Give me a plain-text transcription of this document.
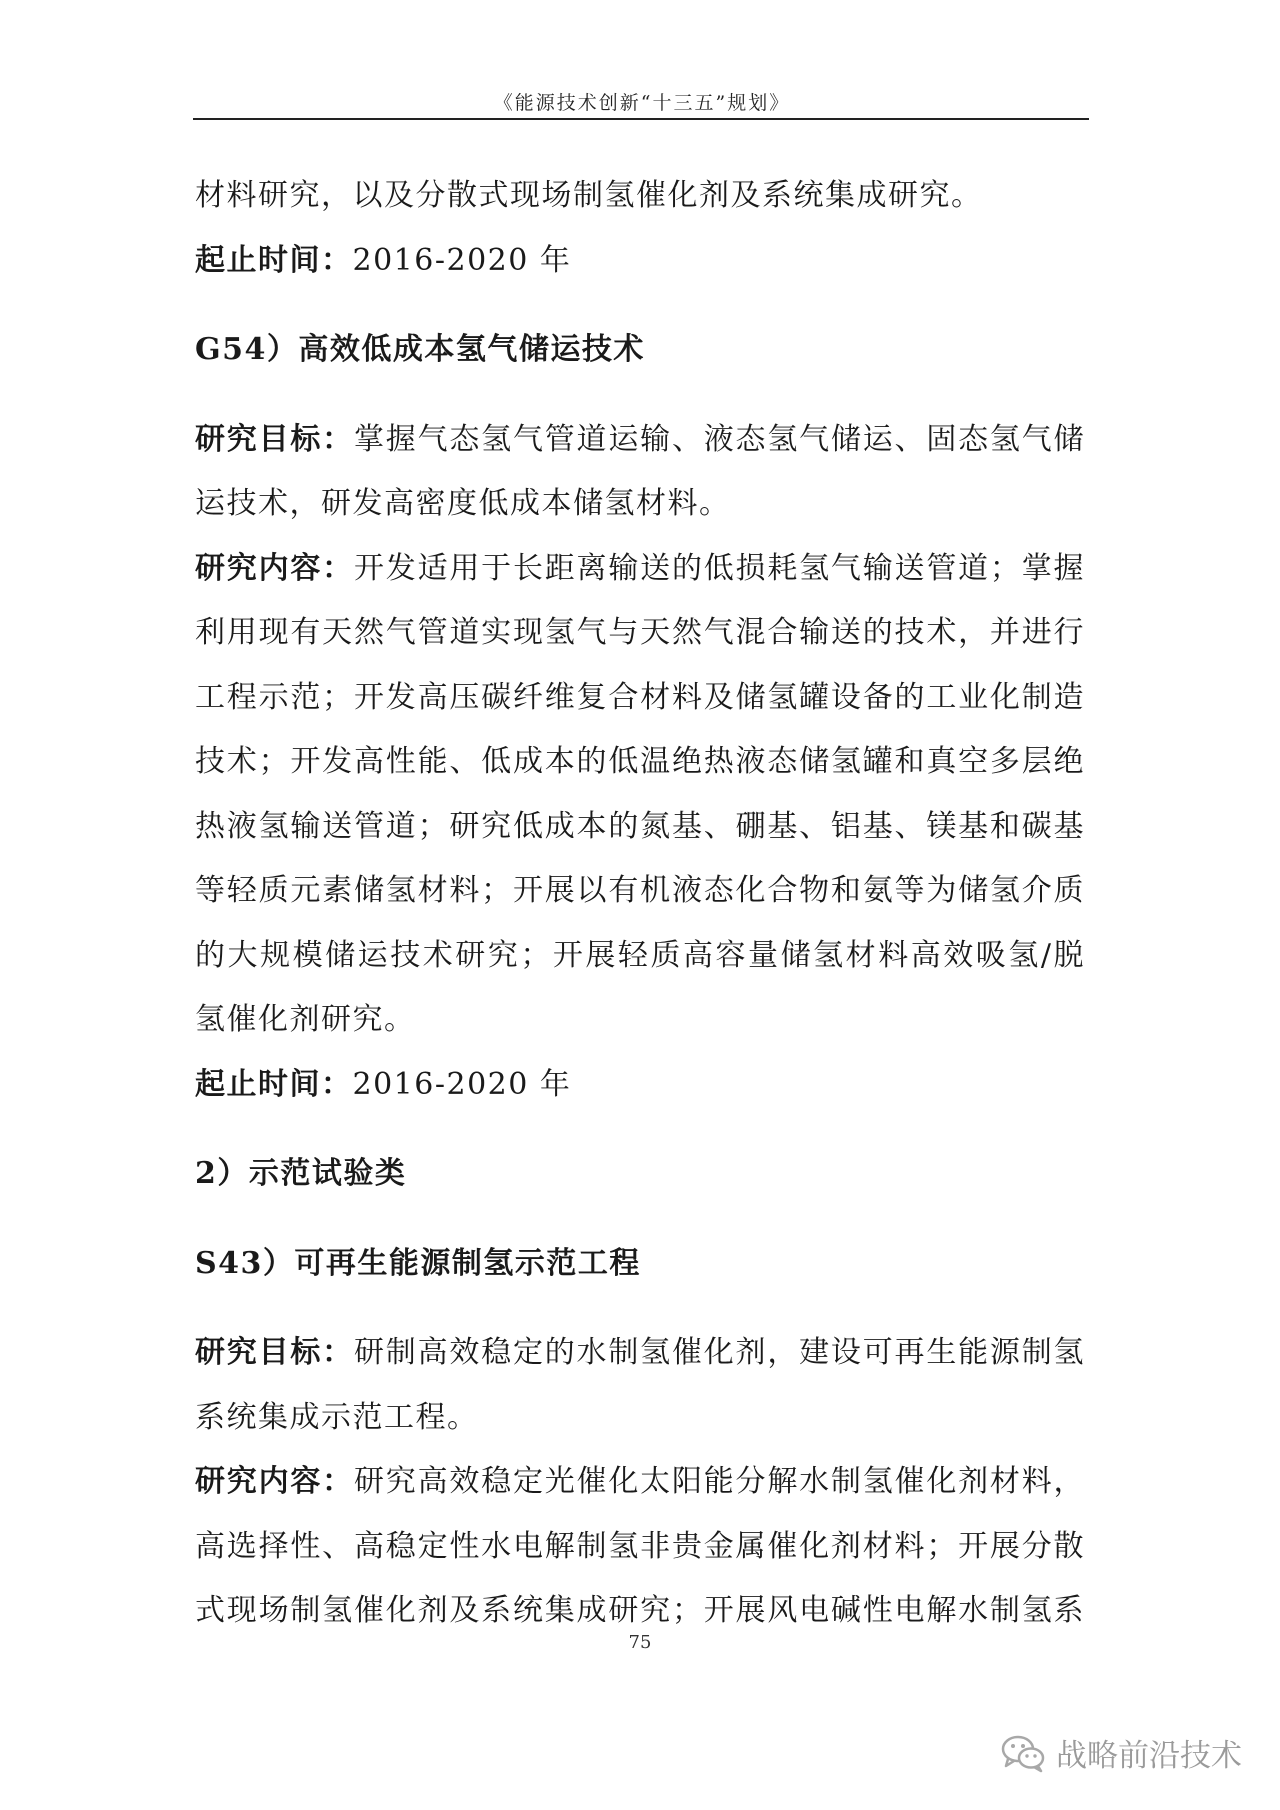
《能源技术创新“十三五”规划》
材料研究，以及分散式现场制氢催化剂及系统集成研究。
起止时间：2016-2020 年
G54）高效低成本氢气储运技术
研究目标：掌握气态氢气管道运输、液态氢气储运、固态氢气储
运技术，研发高密度低成本储氢材料。
研究内容：开发适用于长距离输送的低损耗氢气输送管道；掌握
利用现有天然气管道实现氢气与天然气混合输送的技术，并进行
工程示范；开发高压碳纤维复合材料及储氢罐设备的工业化制造
技术；开发高性能、低成本的低温绝热液态储氢罐和真空多层绝
热液氢输送管道；研究低成本的氮基、硼基、铝基、镁基和碳基
等轻质元素储氢材料；开展以有机液态化合物和氨等为储氢介质
的大规模储运技术研究；开展轻质高容量储氢材料高效吸氢/脱
氢催化剂研究。
起止时间：2016-2020 年
2）示范试验类
S43）可再生能源制氢示范工程
研究目标：研制高效稳定的水制氢催化剂，建设可再生能源制氢
系统集成示范工程。
研究内容：研究高效稳定光催化太阳能分解水制氢催化剂材料，
高选择性、高稳定性水电解制氢非贵金属催化剂材料；开展分散
式现场制氢催化剂及系统集成研究；开展风电碱性电解水制氢系
75
战略前沿技术
